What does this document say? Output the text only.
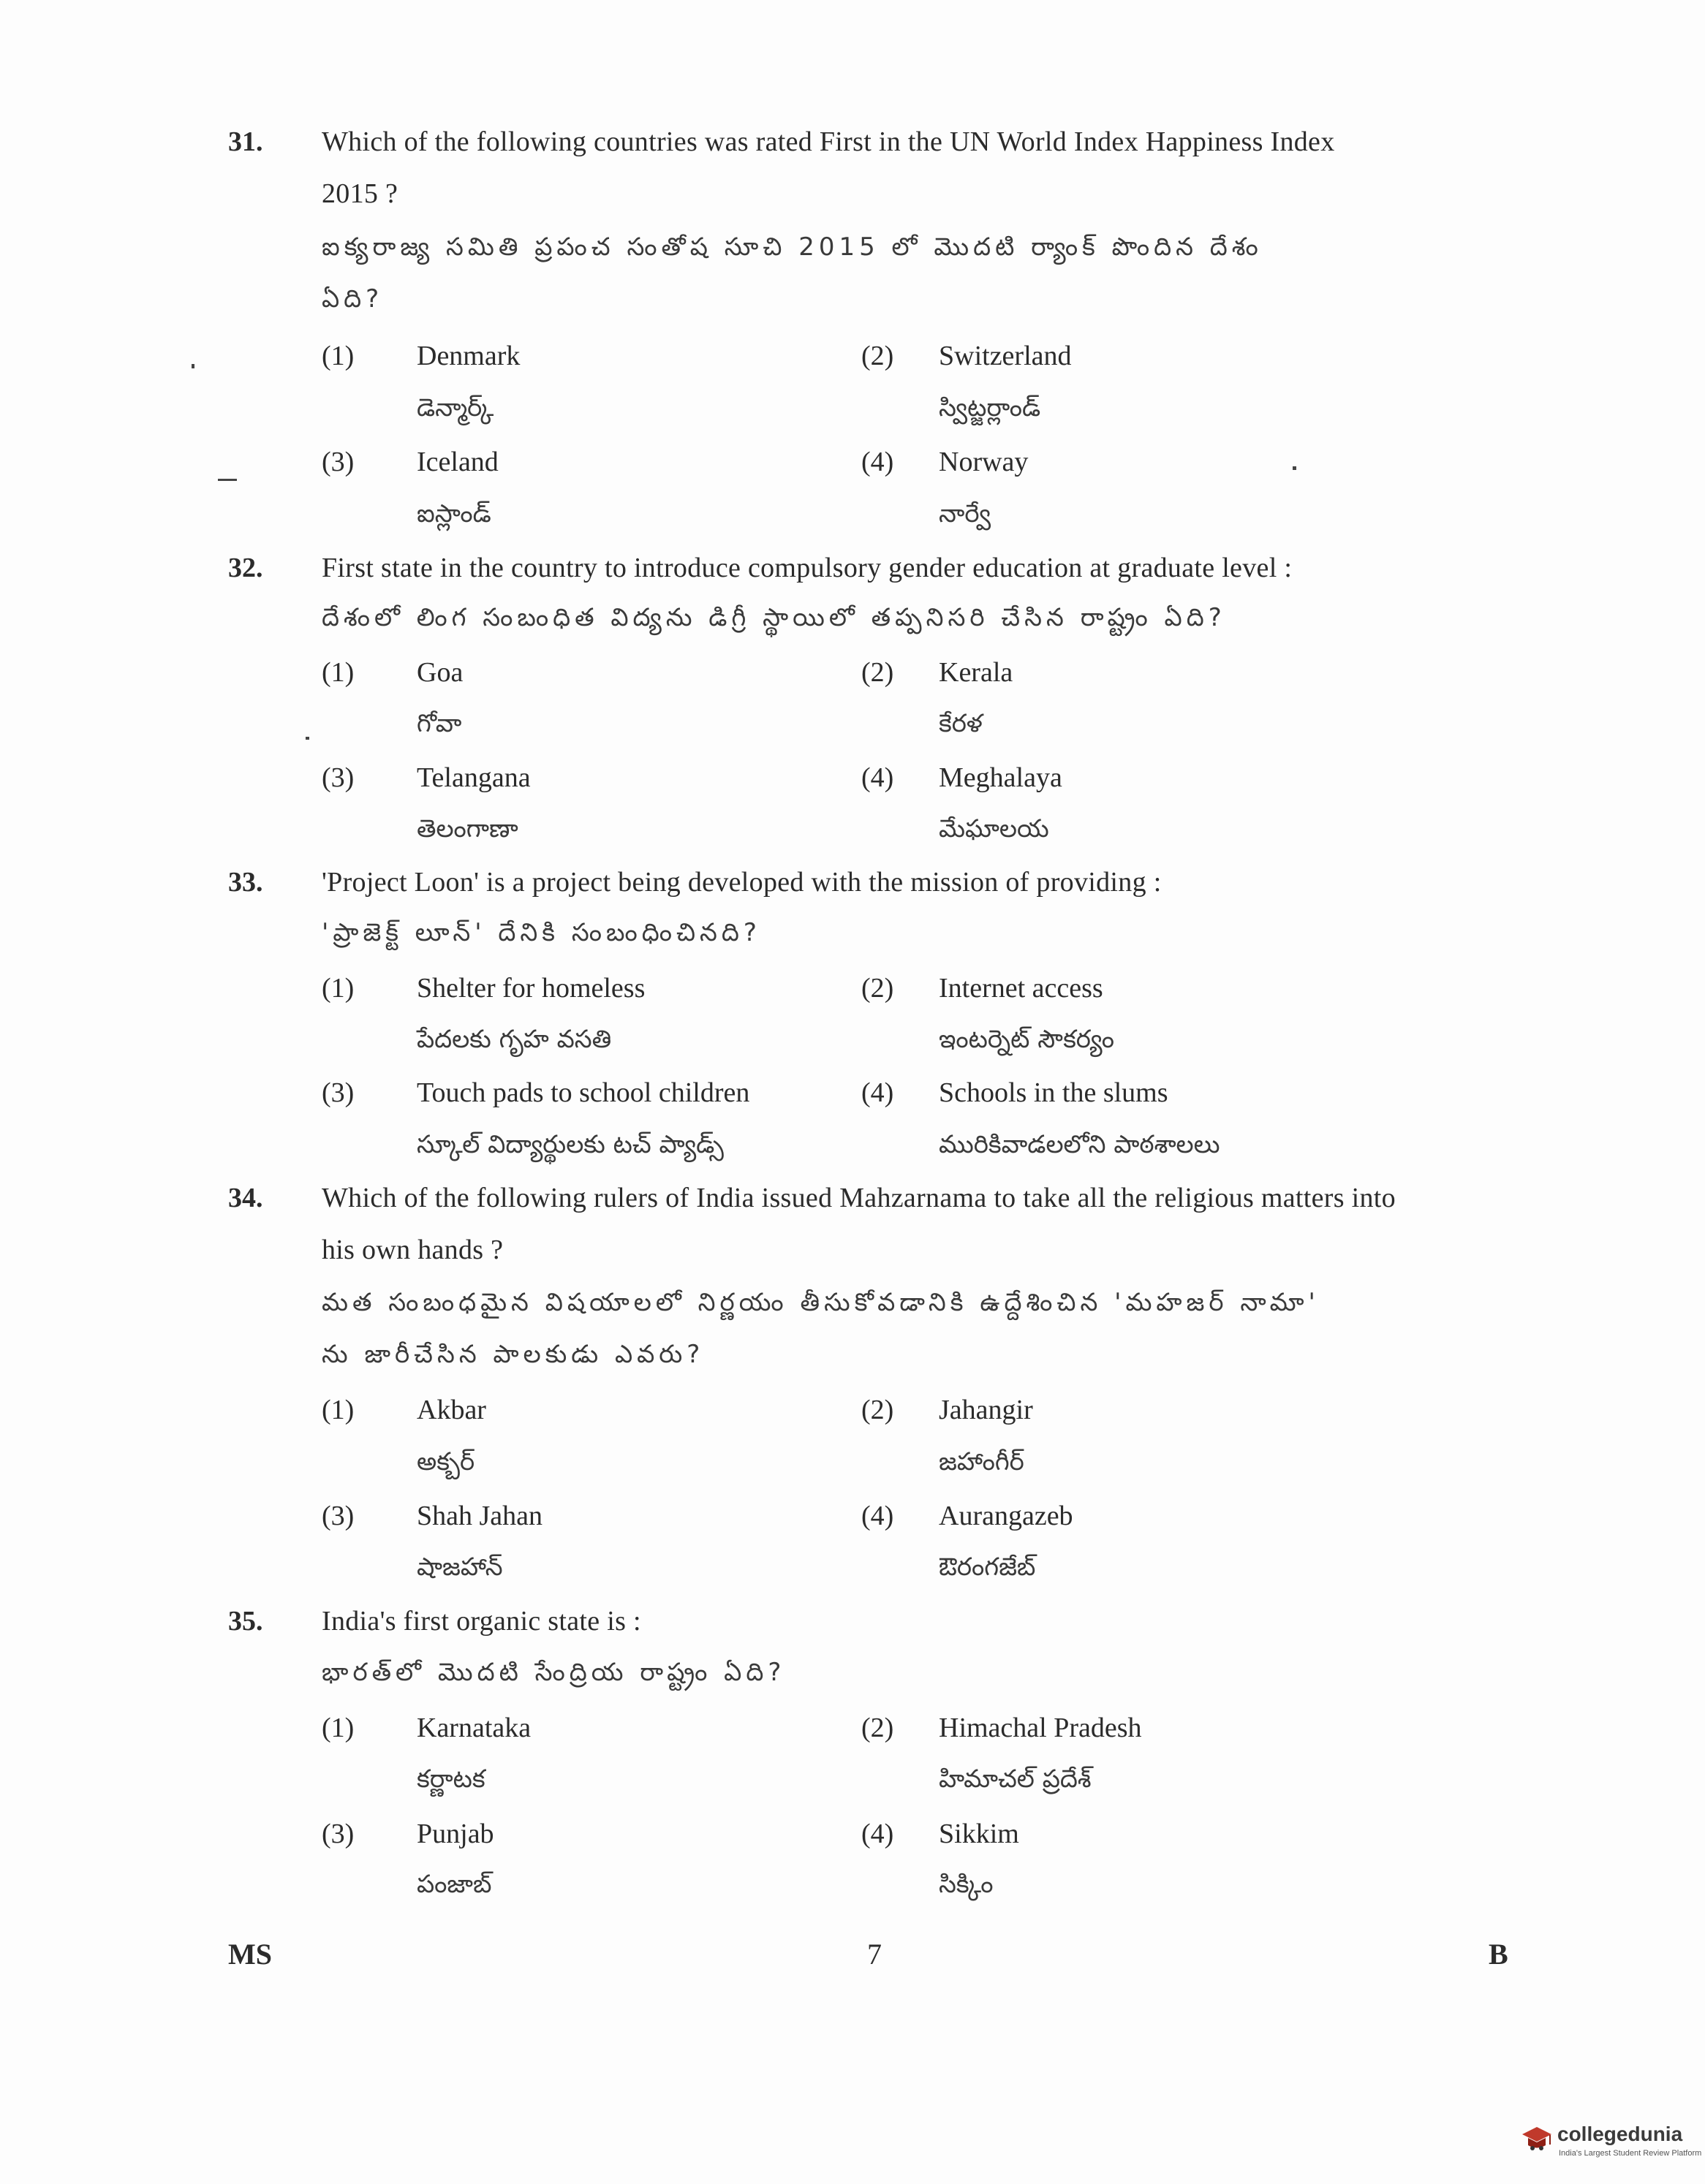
31. Which of the following countries was rated First in the UN World Index Happiness Index
2015 ?
ఐక్యరాజ్య సమితి ప్రపంచ సంతోష సూచి 2015 లో మొదటి ర్యాంక్ పొందిన దేశం
ఏది?
(1) Denmark
డెన్మార్క్
(2) Switzerland
స్విట్జర్లాండ్
(3) Iceland
ఐస్లాండ్
(4) Norway
నార్వే
32. First state in the country to introduce compulsory gender education at graduate level :
దేశంలో లింగ సంబంధిత విద్యను డిగ్రీ స్థాయిలో తప్పనిసరి చేసిన రాష్ట్రం ఏది?
(1) Goa
గోవా
(2) Kerala
కేరళ
(3) Telangana
తెలంగాణా
(4) Meghalaya
మేఘాలయ
33. 'Project Loon' is a project being developed with the mission of providing :
'ప్రాజెక్ట్ లూన్' దేనికి సంబంధించినది?
(1) Shelter for homeless
పేదలకు గృహ వసతి
(2) Internet access
ఇంటర్నెట్ సౌకర్యం
(3) Touch pads to school children
స్కూల్ విద్యార్థులకు టచ్ ప్యాడ్స్
(4) Schools in the slums
మురికివాడలలోని పాఠశాలలు
34. Which of the following rulers of India issued Mahzarnama to take all the religious matters into
his own hands ?
మత సంబంధమైన విషయాలలో నిర్ణయం తీసుకోవడానికి ఉద్దేశించిన 'మహజర్ నామా'
ను జారీచేసిన పాలకుడు ఎవరు?
(1) Akbar
అక్బర్
(2) Jahangir
జహాంగీర్
(3) Shah Jahan
షాజహాన్
(4) Aurangazeb
ఔరంగజేబ్
35. India's first organic state is :
భారత్‌లో మొదటి సేంద్రియ రాష్ట్రం ఏది?
(1) Karnataka
కర్ణాటక
(2) Himachal Pradesh
హిమాచల్ ప్రదేశ్
(3) Punjab
పంజాబ్
(4) Sikkim
సిక్కిం
MS	7	B
collegedunia
India's Largest Student Review Platform
